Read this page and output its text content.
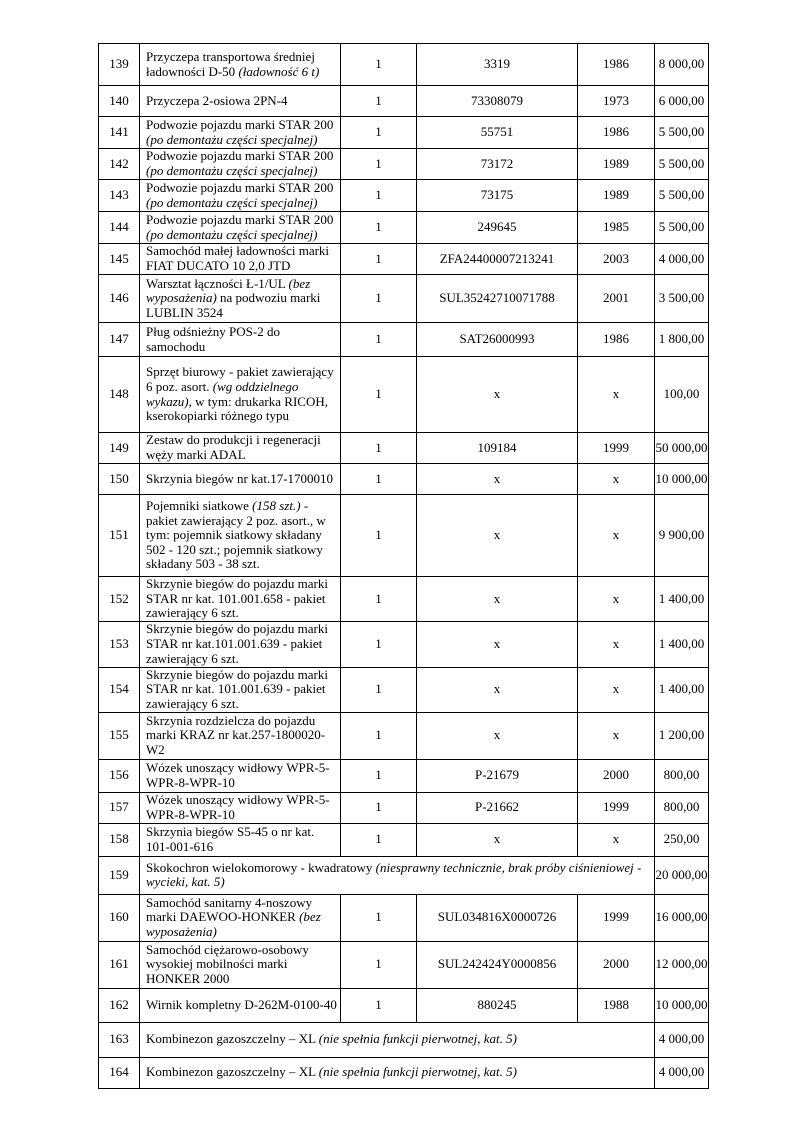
139	Przyczepa transportowa średniej ładowności D-50 (ładowność 6 t)	1	3319	1986	8 000,00
140	Przyczepa 2-osiowa 2PN-4	1	73308079	1973	6 000,00
141	Podwozie pojazdu marki STAR 200 (po demontażu części specjalnej)	1	55751	1986	5 500,00
142	Podwozie pojazdu marki STAR 200 (po demontażu części specjalnej)	1	73172	1989	5 500,00
143	Podwozie pojazdu marki STAR 200 (po demontażu części specjalnej)	1	73175	1989	5 500,00
144	Podwozie pojazdu marki STAR 200 (po demontażu części specjalnej)	1	249645	1985	5 500,00
145	Samochód małej ładowności marki FIAT DUCATO 10 2,0 JTD	1	ZFA24400007213241	2003	4 000,00
146	Warsztat łączności Ł-1/UL (bez wyposażenia) na podwoziu marki LUBLIN 3524	1	SUL35242710071788	2001	3 500,00
147	Pług odśnieżny POS-2 do samochodu	1	SAT26000993	1986	1 800,00
148	Sprzęt biurowy - pakiet zawierający 6 poz. asort. (wg oddzielnego wykazu), w tym: drukarka RICOH, kserokopiarki różnego typu	1	x	x	100,00
149	Zestaw do produkcji i regeneracji węży marki ADAL	1	109184	1999	50 000,00
150	Skrzynia biegów nr kat.17-1700010	1	x	x	10 000,00
151	Pojemniki siatkowe (158 szt.) - pakiet zawierający 2 poz. asort., w tym: pojemnik siatkowy składany 502 - 120 szt.; pojemnik siatkowy składany 503 - 38 szt.	1	x	x	9 900,00
152	Skrzynie biegów do pojazdu marki STAR nr kat. 101.001.658 - pakiet zawierający 6 szt.	1	x	x	1 400,00
153	Skrzynie biegów do pojazdu marki STAR nr kat.101.001.639 - pakiet zawierający 6 szt.	1	x	x	1 400,00
154	Skrzynie biegów do pojazdu marki STAR nr kat. 101.001.639 - pakiet zawierający 6 szt.	1	x	x	1 400,00
155	Skrzynia rozdzielcza do pojazdu marki KRAZ nr kat.257-1800020-W2	1	x	x	1 200,00
156	Wózek unoszący widłowy WPR-5-WPR-8-WPR-10	1	P-21679	2000	800,00
157	Wózek unoszący widłowy WPR-5-WPR-8-WPR-10	1	P-21662	1999	800,00
158	Skrzynia biegów S5-45 o nr kat. 101-001-616	1	x	x	250,00
159	Skokochron wielokomorowy - kwadratowy (niesprawny technicznie, brak próby ciśnieniowej - wycieki, kat. 5)				20 000,00
160	Samochód sanitarny 4-noszowy marki DAEWOO-HONKER (bez wyposażenia)	1	SUL034816X0000726	1999	16 000,00
161	Samochód ciężarowo-osobowy wysokiej mobilności marki HONKER 2000	1	SUL242424Y0000856	2000	12 000,00
162	Wirnik kompletny D-262M-0100-40	1	880245	1988	10 000,00
163	Kombinezon gazoszczelny – XL (nie spełnia funkcji pierwotnej, kat. 5)				4 000,00
164	Kombinezon gazoszczelny – XL (nie spełnia funkcji pierwotnej, kat. 5)				4 000,00
